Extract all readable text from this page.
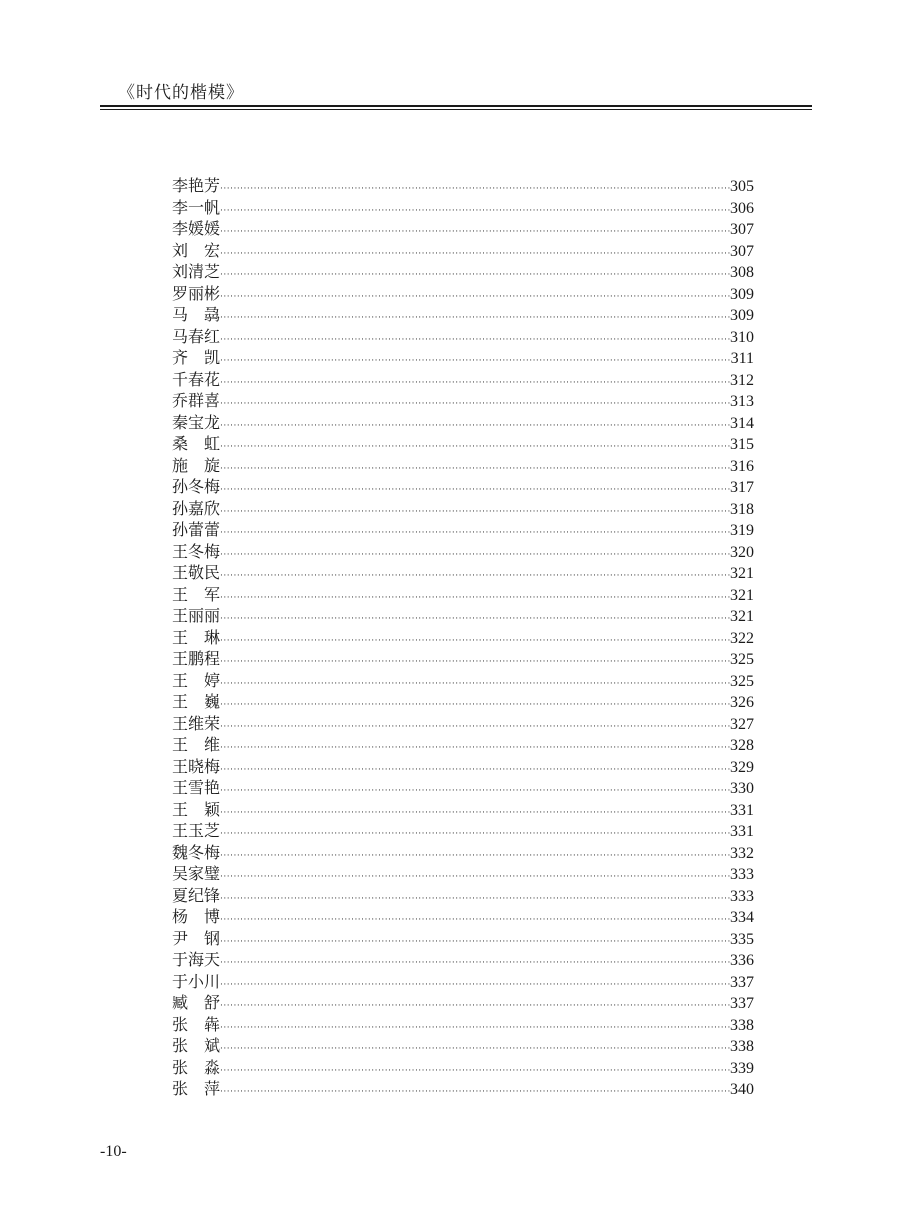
《时代的楷模》
李艳芳 ·····	305
李一帆 ·····	306
李媛媛 ·····	307
刘　宏 ·····	307
刘清芝 ·····	308
罗丽彬 ·····	309
马　骉 ·····	309
马春红 ·····	310
齐　凯 ·····	311
千春花 ·····	312
乔群喜 ·····	313
秦宝龙 ·····	314
桑　虹 ·····	315
施　旋 ·····	316
孙冬梅 ·····	317
孙嘉欣 ·····	318
孙蕾蕾 ·····	319
王冬梅 ·····	320
王敬民 ·····	321
王　军 ·····	321
王丽丽 ·····	321
王　琳 ·····	322
王鹏程 ·····	325
王　婷 ·····	325
王　巍 ·····	326
王维荣 ·····	327
王　维 ·····	328
王晓梅 ·····	329
王雪艳 ·····	330
王　颖 ·····	331
王玉芝 ·····	331
魏冬梅 ·····	332
吴家璧 ·····	333
夏纪锋 ·····	333
杨　博 ·····	334
尹　钢 ·····	335
于海天 ·····	336
于小川 ·····	337
臧　舒 ·····	337
张　犇 ·····	338
张　斌 ·····	338
张　淼 ·····	339
张　萍 ·····	340
-10-
